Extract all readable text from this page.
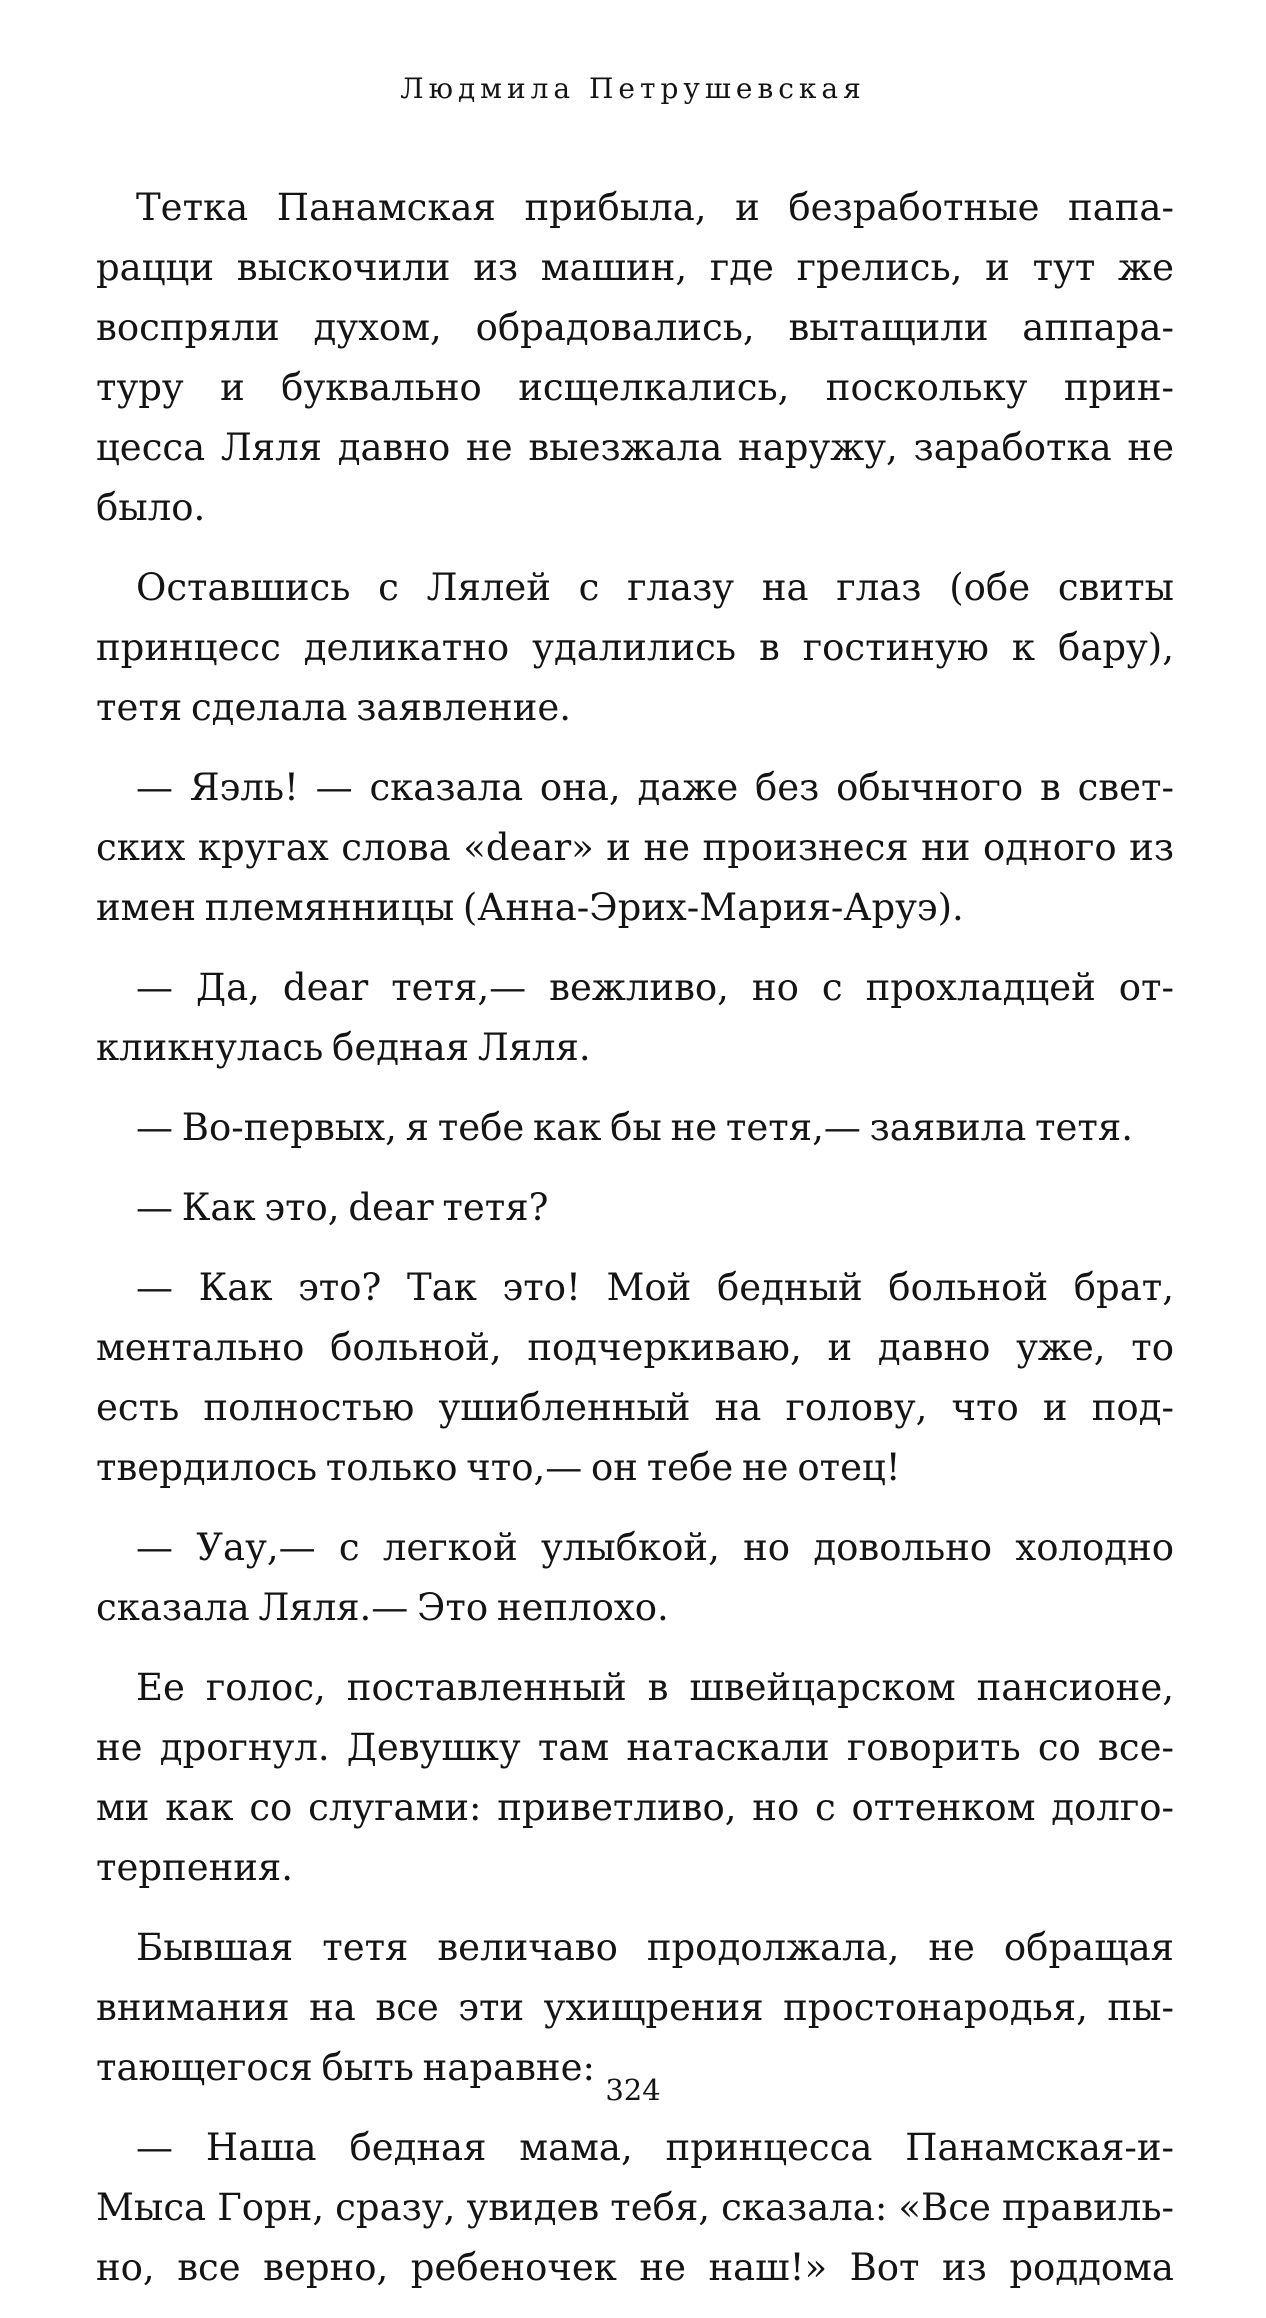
Людмила Петрушевская
Тетка Панамская прибыла, и безработные папа-
рацци выскочили из машин, где грелись, и тут же
воспряли духом, обрадовались, вытащили аппара-
туру и буквально исщелкались, поскольку прин-
цесса Ляля давно не выезжала наружу, заработка не
было.
Оставшись с Лялей с глазу на глаз (обе свиты
принцесс деликатно удалились в гостиную к бару),
тетя сделала заявление.
— Яэль! — сказала она, даже без обычного в свет-
ских кругах слова «dear» и не произнеся ни одного из
имен племянницы (Анна-Эрих-Мария-Аруэ).
— Да, dear тетя,— вежливо, но с прохладцей от-
кликнулась бедная Ляля.
— Во-первых, я тебе как бы не тетя,— заявила тетя.
— Как это, dear тетя?
— Как это? Так это! Мой бедный больной брат,
ментально больной, подчеркиваю, и давно уже, то
есть полностью ушибленный на голову, что и под-
твердилось только что,— он тебе не отец!
— Уау,— с легкой улыбкой, но довольно холодно
сказала Ляля.— Это неплохо.
Ее голос, поставленный в швейцарском пансионе,
не дрогнул. Девушку там натаскали говорить со все-
ми как со слугами: приветливо, но с оттенком долго-
терпения.
Бывшая тетя величаво продолжала, не обращая
внимания на все эти ухищрения простонародья, пы-
тающегося быть наравне:
— Наша бедная мама, принцесса Панамская-и-
Мыса Горн, сразу, увидев тебя, сказала: «Все правиль-
но, все верно, ребеночек не наш!» Вот из роддома
324
